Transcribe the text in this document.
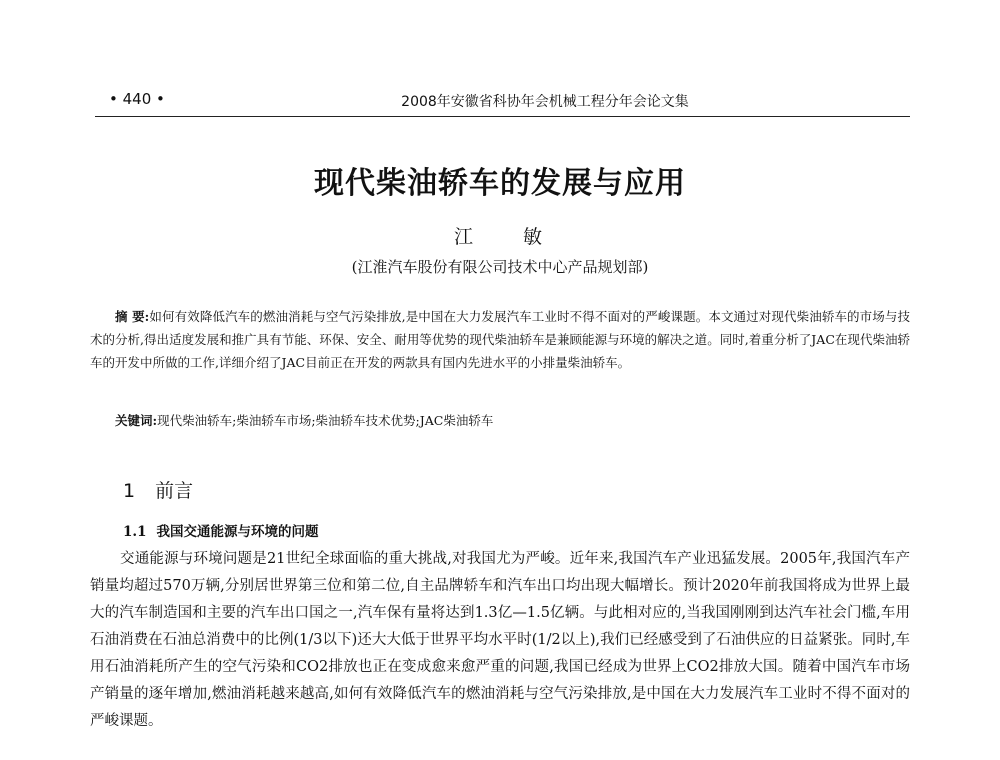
• 440 •	2008年安徽省科协年会机械工程分年会论文集
现代柴油轿车的发展与应用
江 敏
(江淮汽车股份有限公司技术中心产品规划部)
摘 要:如何有效降低汽车的燃油消耗与空气污染排放,是中国在大力发展汽车工业时不得不面对的严峻课题。本文通过对现代柴油轿车的市场与技术的分析,得出适度发展和推广具有节能、环保、安全、耐用等优势的现代柴油轿车是兼顾能源与环境的解决之道。同时,着重分析了JAC在现代柴油轿车的开发中所做的工作,详细介绍了JAC目前正在开发的两款具有国内先进水平的小排量柴油轿车。
关键词:现代柴油轿车;柴油轿车市场;柴油轿车技术优势;JAC柴油轿车
1 前言
1.1 我国交通能源与环境的问题
交通能源与环境问题是21世纪全球面临的重大挑战,对我国尤为严峻。近年来,我国汽车产业迅猛发展。2005年,我国汽车产销量均超过570万辆,分别居世界第三位和第二位,自主品牌轿车和汽车出口均出现大幅增长。预计2020年前我国将成为世界上最大的汽车制造国和主要的汽车出口国之一,汽车保有量将达到1.3亿—1.5亿辆。与此相对应的,当我国刚刚到达汽车社会门槛,车用石油消费在石油总消费中的比例(1/3以下)还大大低于世界平均水平时(1/2以上),我们已经感受到了石油供应的日益紧张。同时,车用石油消耗所产生的空气污染和CO2排放也正在变成愈来愈严重的问题,我国已经成为世界上CO2排放大国。随着中国汽车市场产销量的逐年增加,燃油消耗越来越高,如何有效降低汽车的燃油消耗与空气污染排放,是中国在大力发展汽车工业时不得不面对的严峻课题。
